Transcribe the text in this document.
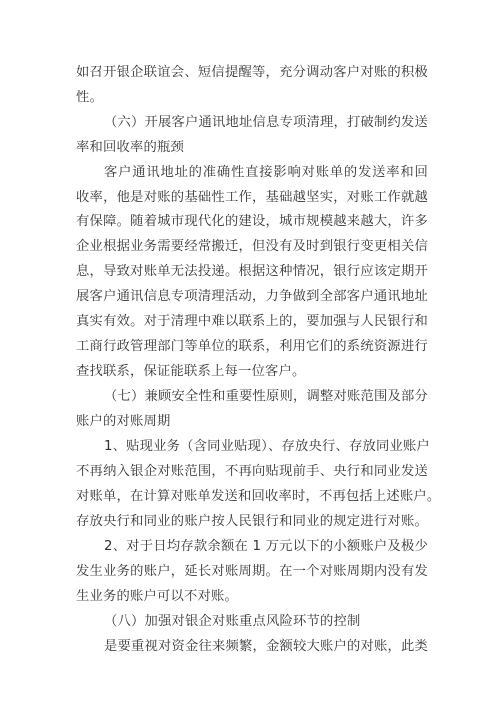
如召开银企联谊会、短信提醒等，充分调动客户对账的积极
性。
（六）开展客户通讯地址信息专项清理，打破制约发送
率和回收率的瓶颈
客户通讯地址的准确性直接影响对账单的发送率和回
收率，他是对账的基础性工作，基础越坚实，对账工作就越
有保障。随着城市现代化的建设，城市规模越来越大，许多
企业根据业务需要经常搬迁，但没有及时到银行变更相关信
息，导致对账单无法投递。根据这种情况，银行应该定期开
展客户通讯信息专项清理活动，力争做到全部客户通讯地址
真实有效。对于清理中难以联系上的，要加强与人民银行和
工商行政管理部门等单位的联系，利用它们的系统资源进行
查找联系，保证能联系上每一位客户。
（七）兼顾安全性和重要性原则，调整对账范围及部分
账户的对账周期
1、贴现业务（含同业贴现）、存放央行、存放同业账户
不再纳入银企对账范围，不再向贴现前手、央行和同业发送
对账单，在计算对账单发送和回收率时，不再包括上述账户。
存放央行和同业的账户按人民银行和同业的规定进行对账。
2、对于日均存款余额在 1 万元以下的小额账户及极少
发生业务的账户，延长对账周期。在一个对账周期内没有发
生业务的账户可以不对账。
（八）加强对银企对账重点风险环节的控制
是要重视对资金往来频繁，金额较大账户的对账，此类
